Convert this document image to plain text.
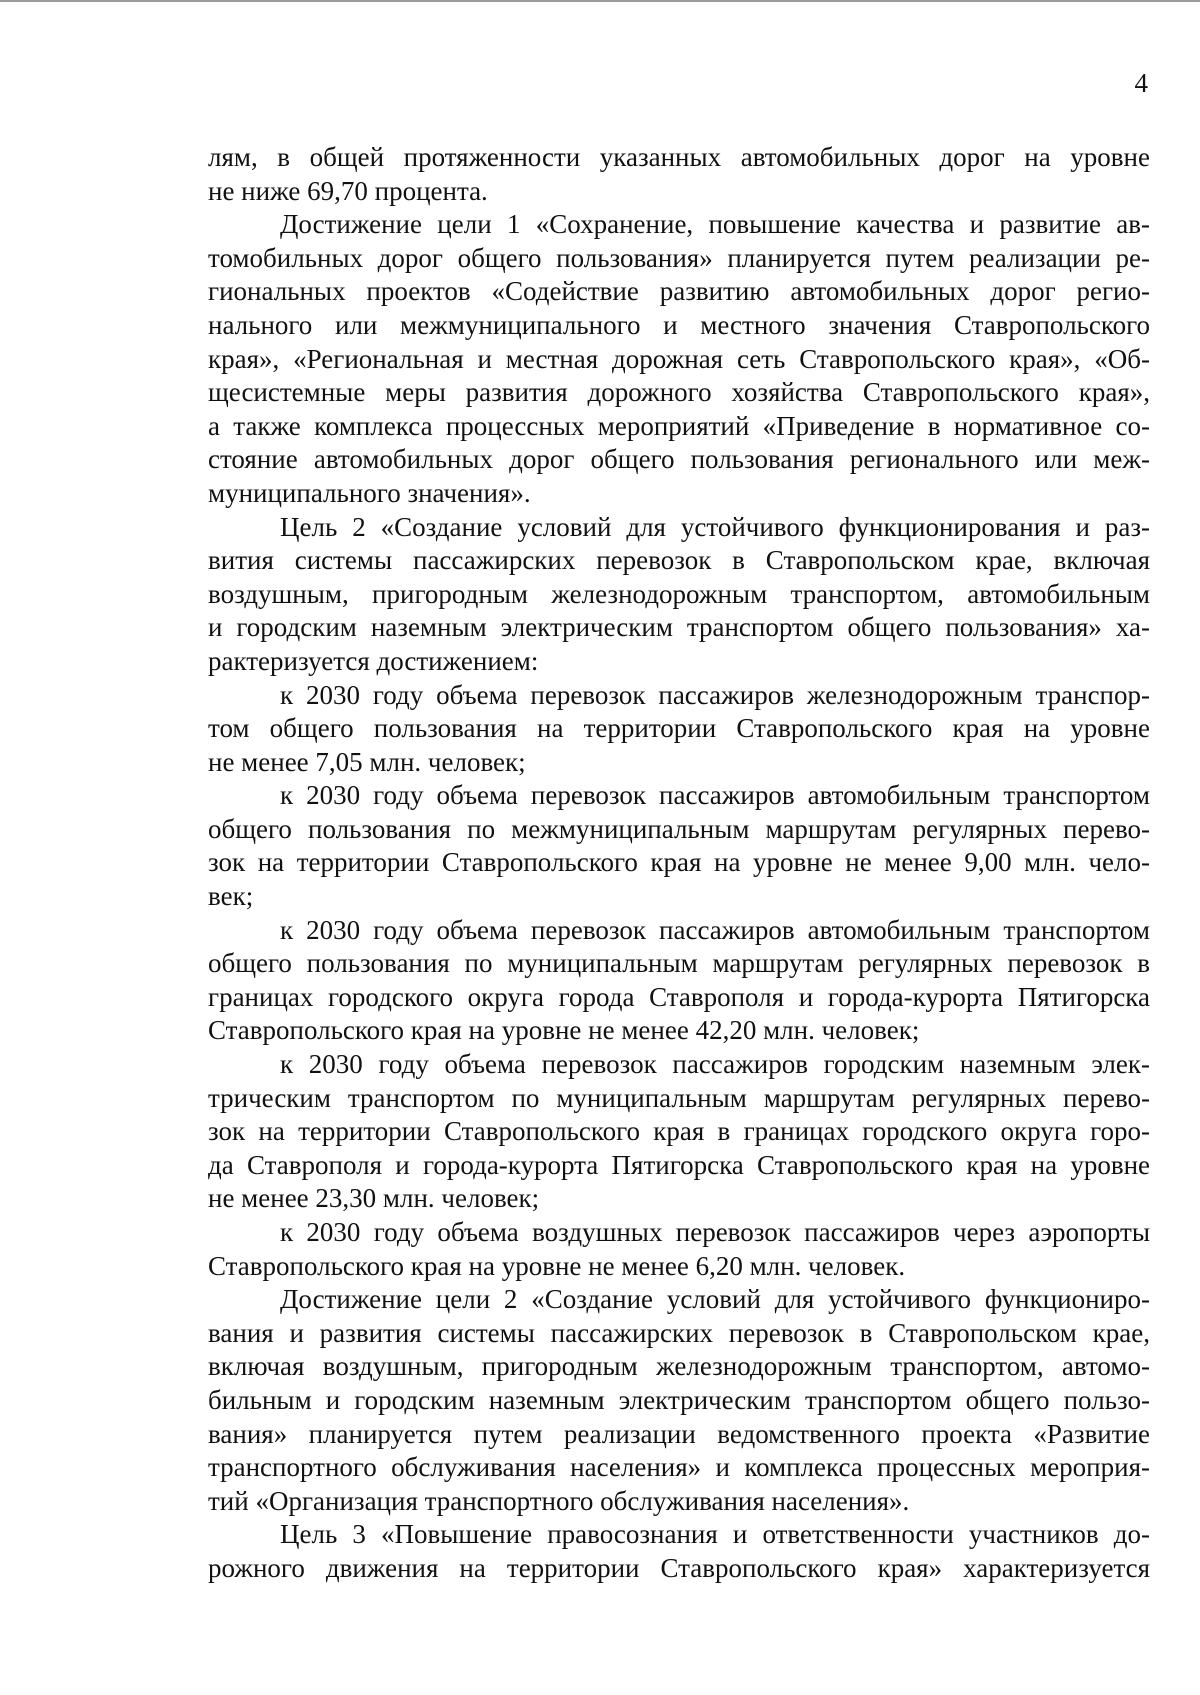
4

лям, в общей протяженности указанных автомобильных дорог на уровне

не ниже 69,70 процента.

Достижение цели 1 «Сохранение, повышение качества и развитие ав-

томобильных дорог общего пользования» планируется путем реализации ре-

гиональных проектов «Содействие развитию автомобильных дорог регио-

нального или межмуниципального и местного значения Ставропольского

края», «Региональная и местная дорожная сеть Ставропольского края», «Об-

щесистемные меры развития дорожного хозяйства Ставропольского края»,

а также комплекса процессных мероприятий «Приведение в нормативное со-

стояние автомобильных дорог общего пользования регионального или меж-

муниципального значения».

Цель 2 «Создание условий для устойчивого функционирования и раз-

вития системы пассажирских перевозок в Ставропольском крае, включая

воздушным, пригородным железнодорожным транспортом, автомобильным

и городским наземным электрическим транспортом общего пользования» ха-

рактеризуется достижением:

к 2030 году объема перевозок пассажиров железнодорожным транспор-

том общего пользования на территории Ставропольского края на уровне

не менее 7,05 млн. человек;

к 2030 году объема перевозок пассажиров автомобильным транспортом

общего пользования по межмуниципальным маршрутам регулярных перево-

зок на территории Ставропольского края на уровне не менее 9,00 млн. чело-

век;

к 2030 году объема перевозок пассажиров автомобильным транспортом

общего пользования по муниципальным маршрутам регулярных перевозок в

границах городского округа города Ставрополя и города-курорта Пятигорска

Ставропольского края на уровне не менее 42,20 млн. человек;

к 2030 году объема перевозок пассажиров городским наземным элек-

трическим транспортом по муниципальным маршрутам регулярных перево-

зок на территории Ставропольского края в границах городского округа горо-

да Ставрополя и города-курорта Пятигорска Ставропольского края на уровне

не менее 23,30 млн. человек;

к 2030 году объема воздушных перевозок пассажиров через аэропорты

Ставропольского края на уровне не менее 6,20 млн. человек.

Достижение цели 2 «Создание условий для устойчивого функциониро-

вания и развития системы пассажирских перевозок в Ставропольском крае,

включая воздушным, пригородным железнодорожным транспортом, автомо-

бильным и городским наземным электрическим транспортом общего пользо-

вания» планируется путем реализации ведомственного проекта «Развитие

транспортного обслуживания населения» и комплекса процессных мероприя-

тий «Организация транспортного обслуживания населения».

Цель 3 «Повышение правосознания и ответственности участников до-

рожного движения на территории Ставропольского края» характеризуется
